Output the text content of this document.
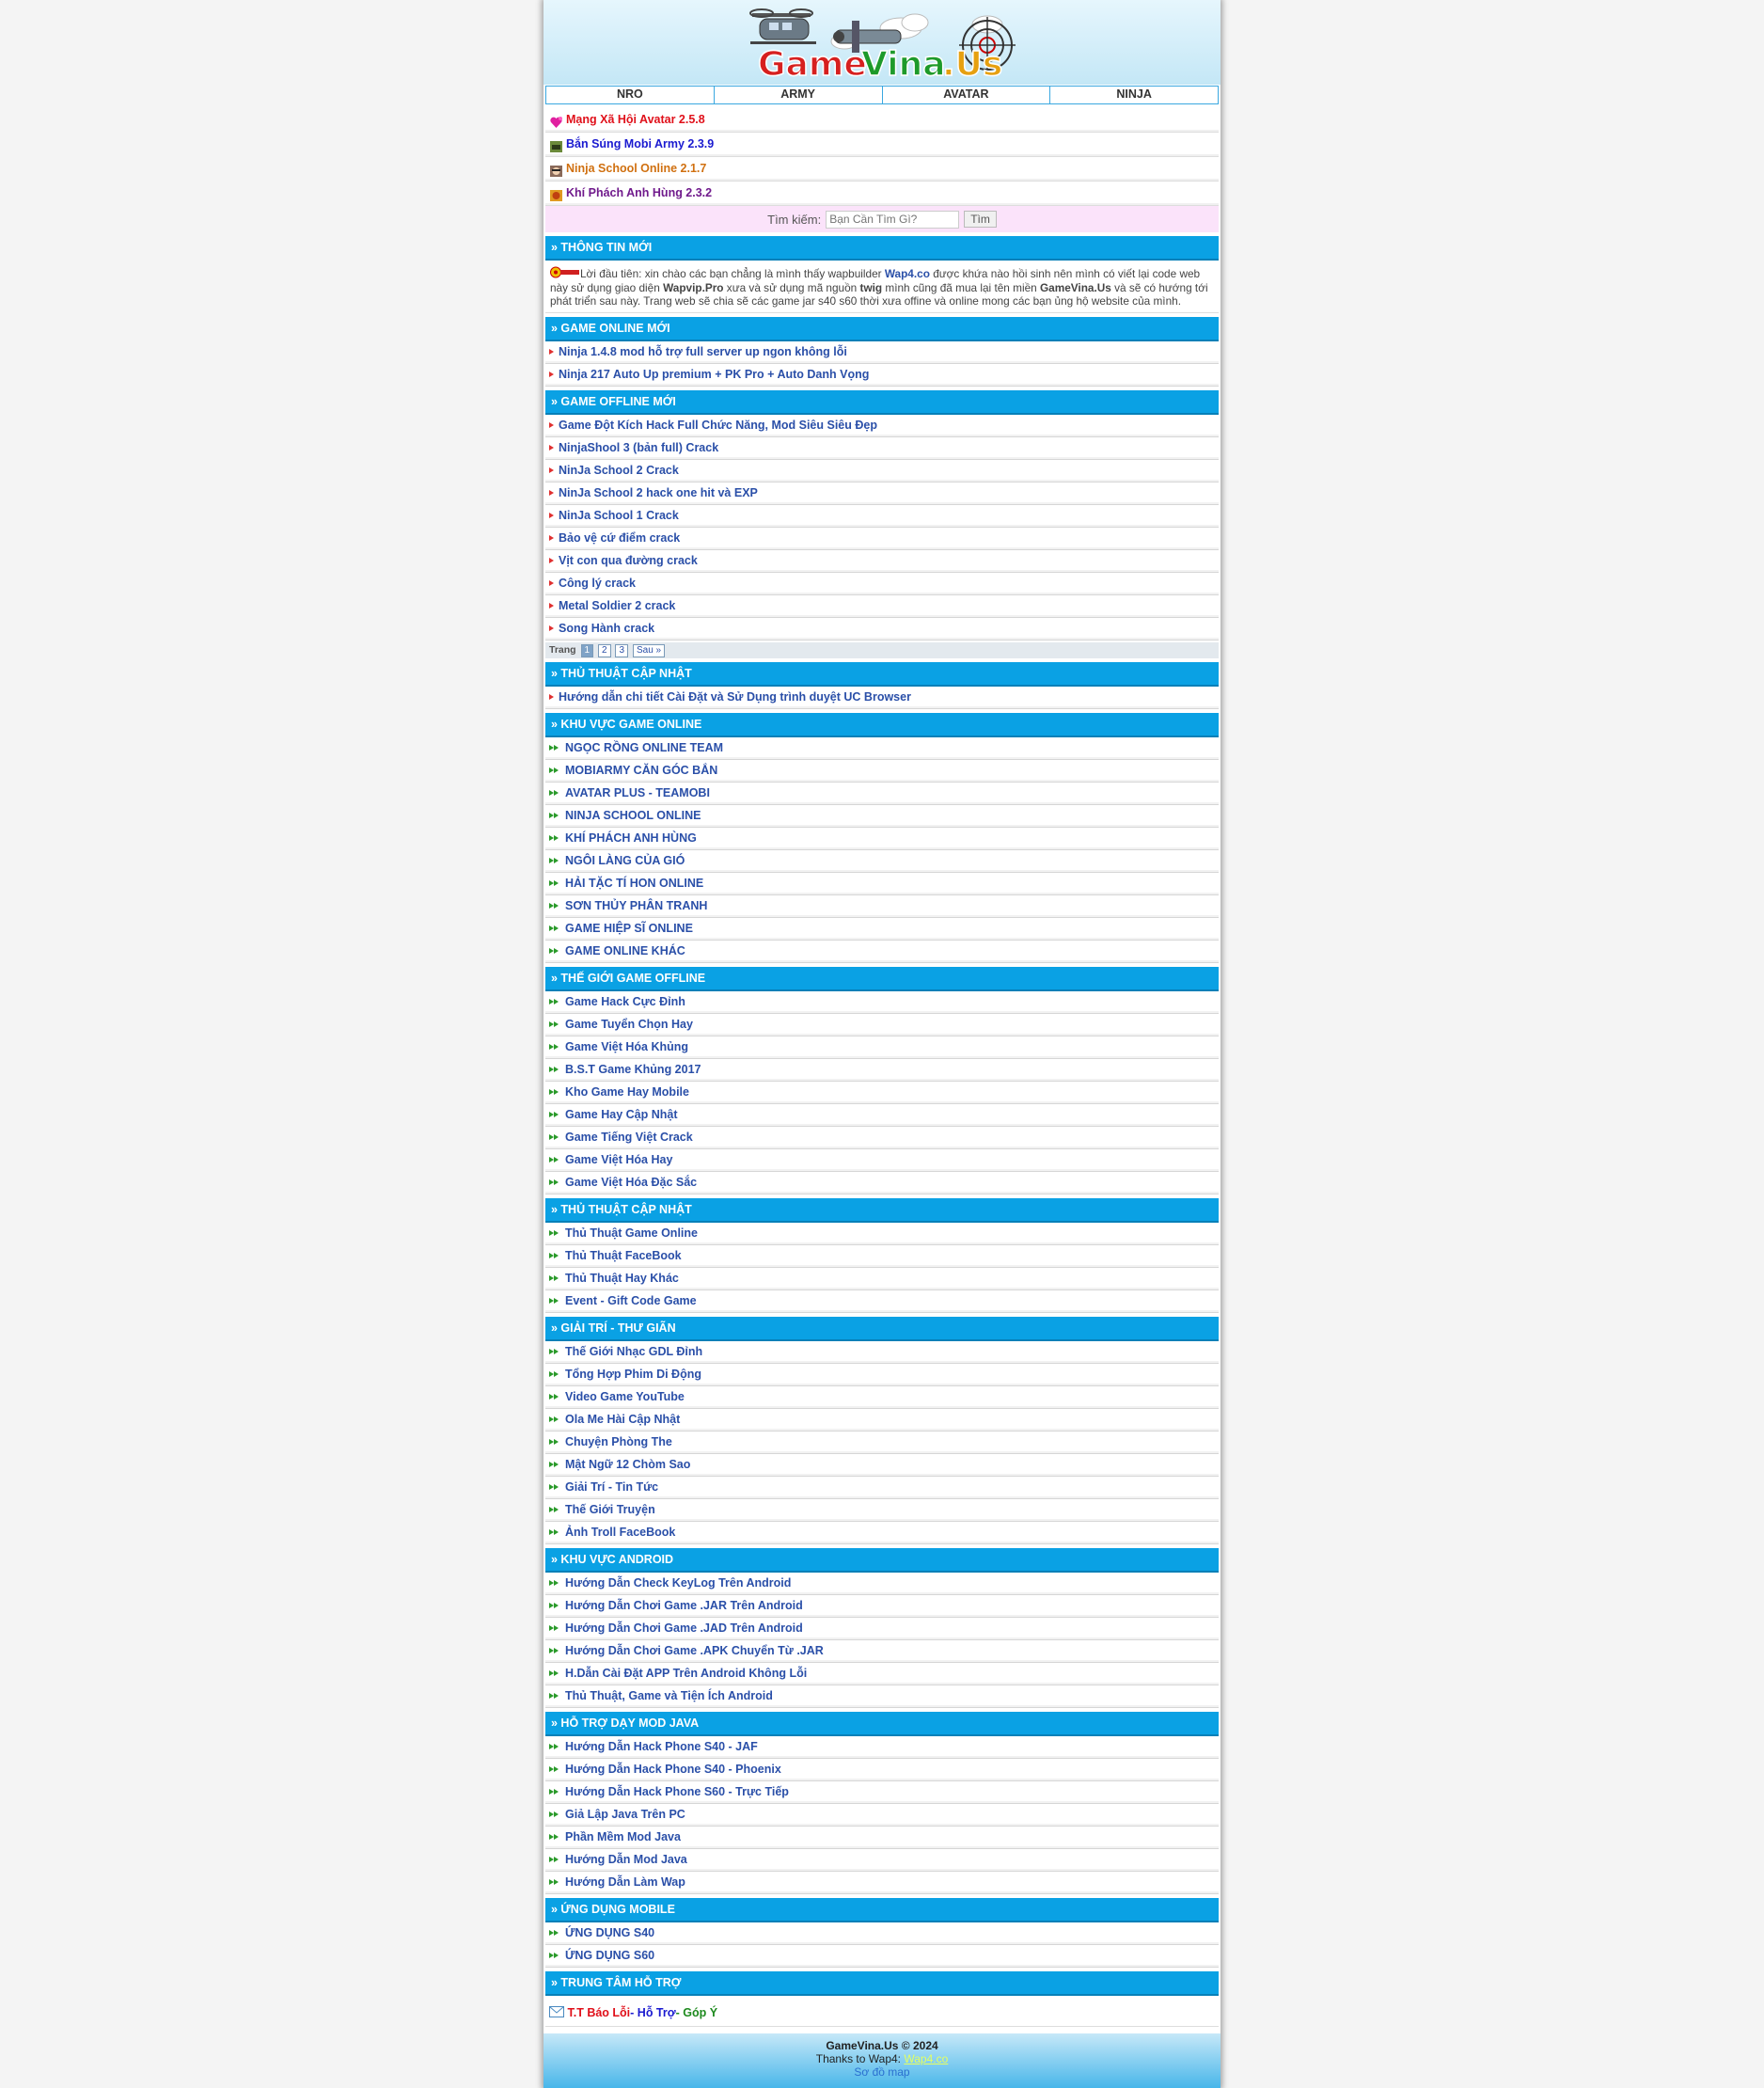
Game
Vina
.Us
NRO	ARMY	AVATAR	NINJA
Mạng Xã Hội Avatar 2.5.8
Bắn Súng Mobi Army 2.3.9
Ninja School Online 2.1.7
Khí Phách Anh Hùng 2.3.2
Tìm kiếm:
Bạn Cần Tìm Gì?	Tìm
» THÔNG TIN MỚI
Lời đầu tiên: xin chào các bạn chẳng là mình thấy wapbuilder Wap4.co được khứa nào hồi sinh nên mình có viết lại code web này sử dụng giao diện Wapvip.Pro xưa và sử dụng mã nguồn twig mình cũng đã mua lại tên miền GameVina.Us và sẽ có hướng tới phát triển sau này. Trang web sẽ chia sẽ các game jar s40 s60 thời xưa offine và online mong các bạn ủng hộ website của mình.
» GAME ONLINE MỚI
Ninja 1.4.8 mod hỗ trợ full server up ngon không lỗi
Ninja 217 Auto Up premium + PK Pro + Auto Danh Vọng
» GAME OFFLINE MỚI
Game Đột Kích Hack Full Chức Năng, Mod Siêu Siêu Đẹp
NinjaShool 3 (bản full) Crack
NinJa School 2 Crack
NinJa School 2 hack one hit và EXP
NinJa School 1 Crack
Bảo vệ cứ điểm crack
Vịt con qua đường crack
Công lý crack
Metal Soldier 2 crack
Song Hành crack
Trang 1 2 3 Sau »
» THỦ THUẬT CẬP NHẬT
Hướng dẫn chi tiết Cài Đặt và Sử Dụng trình duyệt UC Browser
» KHU VỰC GAME ONLINE
NGỌC RỒNG ONLINE TEAM
MOBIARMY CĂN GÓC BẮN
AVATAR PLUS - TEAMOBI
NINJA SCHOOL ONLINE
KHÍ PHÁCH ANH HÙNG
NGÔI LÀNG CỦA GIÓ
HẢI TẶC TÍ HON ONLINE
SƠN THỦY PHÂN TRANH
GAME HIỆP SĨ ONLINE
GAME ONLINE KHÁC
» THẾ GIỚI GAME OFFLINE
Game Hack Cực Đỉnh
Game Tuyển Chọn Hay
Game Việt Hóa Khủng
B.S.T Game Khủng 2017
Kho Game Hay Mobile
Game Hay Cập Nhật
Game Tiếng Việt Crack
Game Việt Hóa Hay
Game Việt Hóa Đặc Sắc
» THỦ THUẬT CẬP NHẬT
Thủ Thuật Game Online
Thủ Thuật FaceBook
Thủ Thuật Hay Khác
Event - Gift Code Game
» GIẢI TRÍ - THƯ GIÃN
Thế Giới Nhạc GDL Đỉnh
Tổng Hợp Phim Di Động
Video Game YouTube
Ola Me Hài Cập Nhật
Chuyện Phòng The
Mật Ngữ 12 Chòm Sao
Giải Trí - Tin Tức
Thế Giới Truyện
Ảnh Troll FaceBook
» KHU VỰC ANDROID
Hướng Dẫn Check KeyLog Trên Android
Hướng Dẫn Chơi Game .JAR Trên Android
Hướng Dẫn Chơi Game .JAD Trên Android
Hướng Dẫn Chơi Game .APK Chuyển Từ .JAR
H.Dẫn Cài Đặt APP Trên Android Không Lỗi
Thủ Thuật, Game và Tiện Ích Android
» HỖ TRỢ DẠY MOD JAVA
Hướng Dẫn Hack Phone S40 - JAF
Hướng Dẫn Hack Phone S40 - Phoenix
Hướng Dẫn Hack Phone S60 - Trực Tiếp
Giả Lập Java Trên PC
Phần Mềm Mod Java
Hướng Dẫn Mod Java
Hướng Dẫn Làm Wap
» ỨNG DỤNG MOBILE
ỨNG DỤNG S40
ỨNG DỤNG S60
» TRUNG TÂM HỖ TRỢ
T.T Báo Lỗi- Hỗ Trợ- Góp Ý
GameVina.Us © 2024
Thanks to Wap4: Wap4.co
Sơ đồ map
